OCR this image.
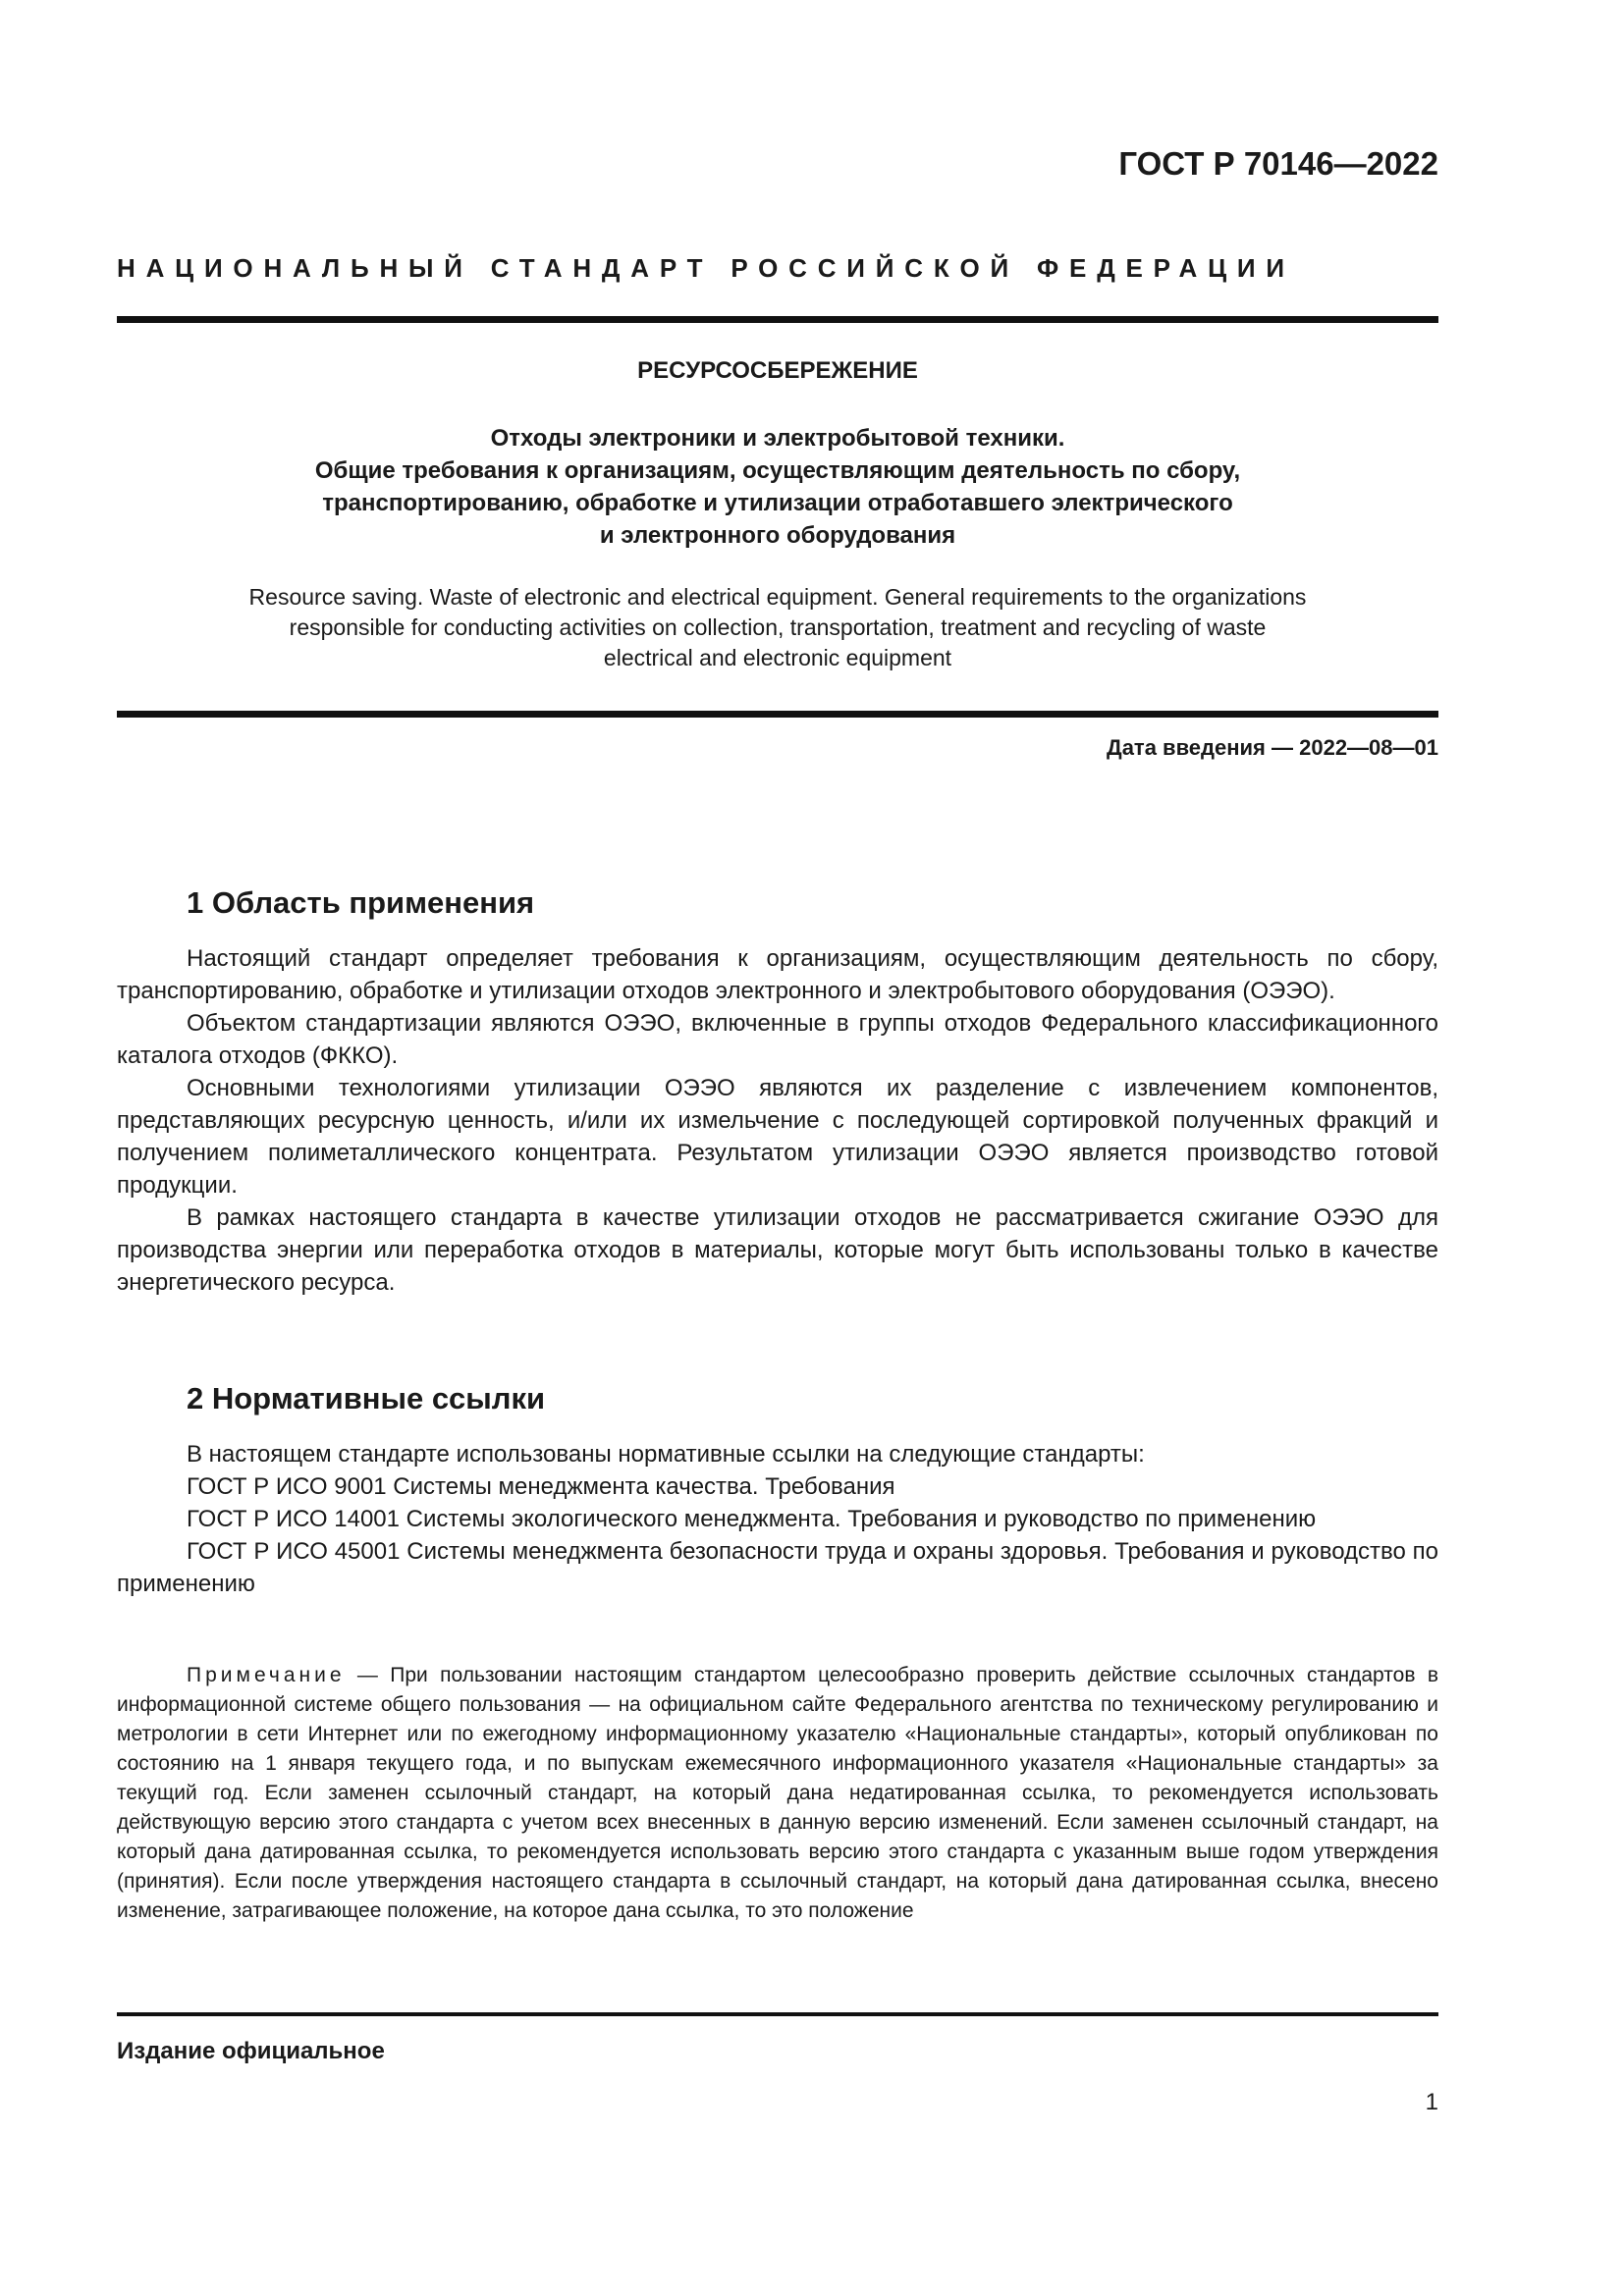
ГОСТ Р 70146—2022
НАЦИОНАЛЬНЫЙ СТАНДАРТ РОССИЙСКОЙ ФЕДЕРАЦИИ
РЕСУРСОСБЕРЕЖЕНИЕ
Отходы электроники и электробытовой техники.
Общие требования к организациям, осуществляющим деятельность по сбору,
транспортированию, обработке и утилизации отработавшего электрического
и электронного оборудования
Resource saving. Waste of electronic and electrical equipment. General requirements to the organizations
responsible for conducting activities on collection, transportation, treatment and recycling of waste
electrical and electronic equipment
Дата введения — 2022—08—01
1 Область применения

Настоящий стандарт определяет требования к организациям, осуществляющим деятельность по сбору, транспортированию, обработке и утилизации отходов электронного и электробытового оборудования (ОЭЭО).

Объектом стандартизации являются ОЭЭО, включенные в группы отходов Федерального классификационного каталога отходов (ФККО).

Основными технологиями утилизации ОЭЭО являются их разделение с извлечением компонентов, представляющих ресурсную ценность, и/или их измельчение с последующей сортировкой полученных фракций и получением полиметаллического концентрата. Результатом утилизации ОЭЭО является производство готовой продукции.

В рамках настоящего стандарта в качестве утилизации отходов не рассматривается сжигание ОЭЭО для производства энергии или переработка отходов в материалы, которые могут быть использованы только в качестве энергетического ресурса.

2 Нормативные ссылки

В настоящем стандарте использованы нормативные ссылки на следующие стандарты:

ГОСТ Р ИСО 9001 Системы менеджмента качества. Требования

ГОСТ Р ИСО 14001 Системы экологического менеджмента. Требования и руководство по применению

ГОСТ Р ИСО 45001 Системы менеджмента безопасности труда и охраны здоровья. Требования и руководство по применению

Примечание — При пользовании настоящим стандартом целесообразно проверить действие ссылочных стандартов в информационной системе общего пользования — на официальном сайте Федерального агентства по техническому регулированию и метрологии в сети Интернет или по ежегодному информационному указателю «Национальные стандарты», который опубликован по состоянию на 1 января текущего года, и по выпускам ежемесячного информационного указателя «Национальные стандарты» за текущий год. Если заменен ссылочный стандарт, на который дана недатированная ссылка, то рекомендуется использовать действующую версию этого стандарта с учетом всех внесенных в данную версию изменений. Если заменен ссылочный стандарт, на который дана датированная ссылка, то рекомендуется использовать версию этого стандарта с указанным выше годом утверждения (принятия). Если после утверждения настоящего стандарта в ссылочный стандарт, на который дана датированная ссылка, внесено изменение, затрагивающее положение, на которое дана ссылка, то это положение

Издание официальное
1
